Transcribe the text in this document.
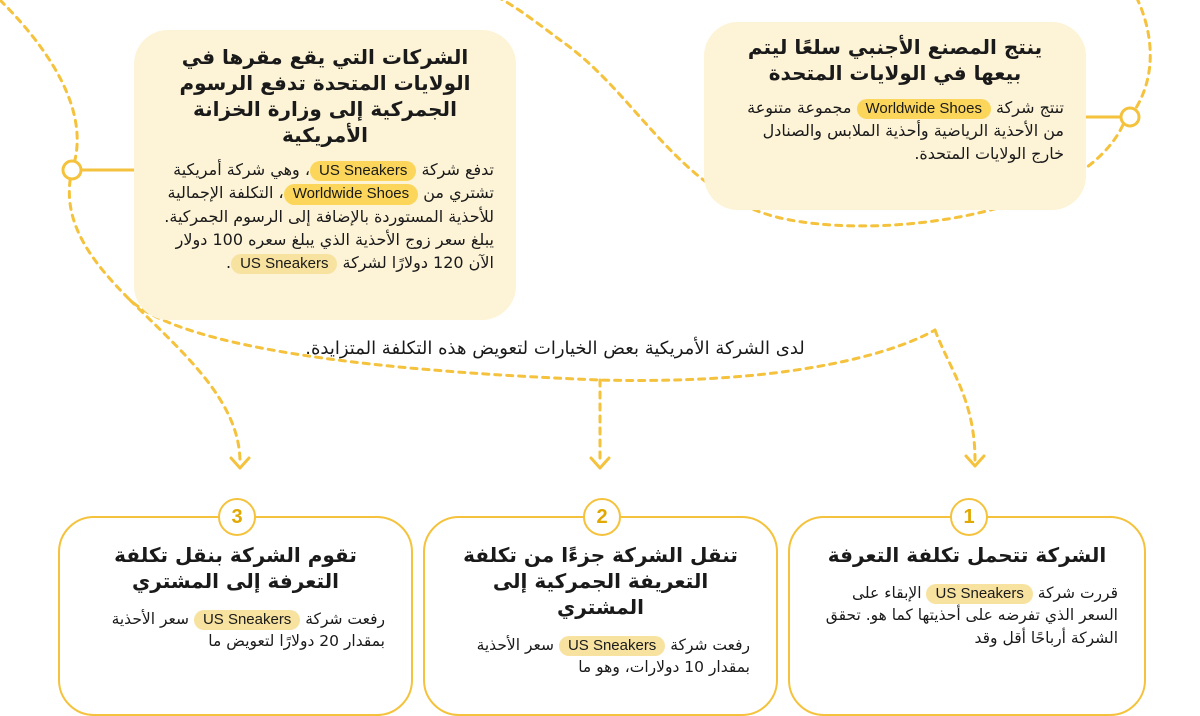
ينتج المصنع الأجنبي سلعًا ليتم بيعها في الولايات المتحدة

تنتج شركة Worldwide Shoes مجموعة متنوعة من الأحذية الرياضية وأحذية الملابس والصنادل خارج الولايات المتحدة.

الشركات التي يقع مقرها في الولايات المتحدة تدفع الرسوم الجمركية إلى وزارة الخزانة الأمريكية

تدفع شركة US Sneakers، وهي شركة أمريكية تشتري من Worldwide Shoes، التكلفة الإجمالية للأحذية المستوردة بالإضافة إلى الرسوم الجمركية. يبلغ سعر زوج الأحذية الذي يبلغ سعره 100 دولار الآن 120 دولارًا لشركة US Sneakers.

لدى الشركة الأمريكية بعض الخيارات لتعويض هذه التكلفة المتزايدة.
1

الشركة تتحمل تكلفة التعرفة

قررت شركة US Sneakers الإبقاء على السعر الذي تفرضه على أحذيتها كما هو. تحقق الشركة أرباحًا أقل وقد

2

تنقل الشركة جزءًا من تكلفة التعريفة الجمركية إلى المشتري

رفعت شركة US Sneakers سعر الأحذية بمقدار 10 دولارات، وهو ما

3

تقوم الشركة بنقل تكلفة التعرفة إلى المشتري

رفعت شركة US Sneakers سعر الأحذية بمقدار 20 دولارًا لتعويض ما
